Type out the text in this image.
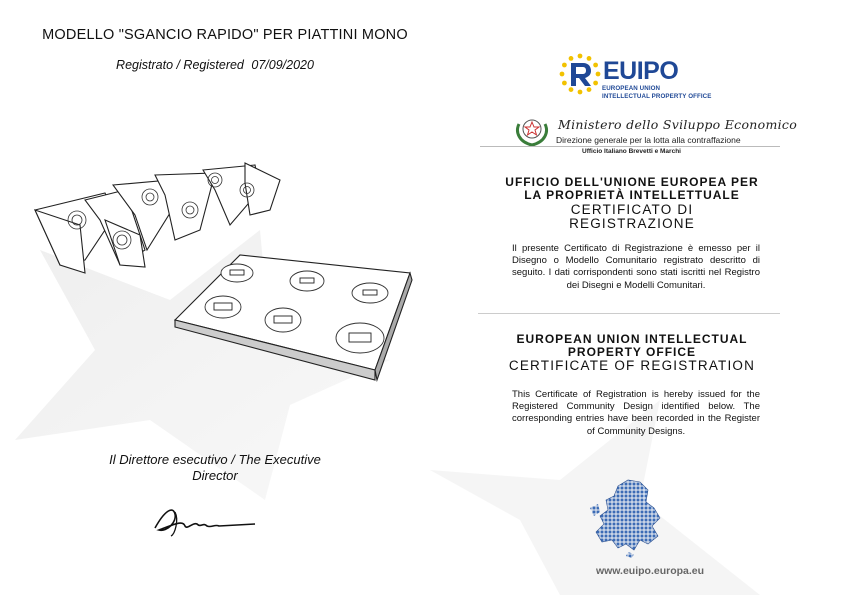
MODELLO "SGANCIO RAPIDO" PER PIATTINI MONO
Registrato / Registered 07/09/2020
Il Direttore esecutivo / The Executive Director
EUIPO
EUROPEAN UNION
INTELLECTUAL PROPERTY OFFICE
Ministero dello Sviluppo Economico
Direzione generale per la lotta alla contraffazione
Ufficio Italiano Brevetti e Marchi
UFFICIO DELL'UNIONE EUROPEA PER
LA PROPRIETÀ INTELLETTUALE
CERTIFICATO DI
REGISTRAZIONE
Il presente Certificato di Registrazione è emesso per il Disegno o Modello Comunitario registrato descritto di seguito. I dati corrispondenti sono stati iscritti nel Registro dei Disegni e Modelli Comunitari.
EUROPEAN UNION INTELLECTUAL
PROPERTY OFFICE
CERTIFICATE OF REGISTRATION
This Certificate of Registration is hereby issued for the Registered Community Design identified below. The corresponding entries have been recorded in the Register of Community Designs.
www.euipo.europa.eu
